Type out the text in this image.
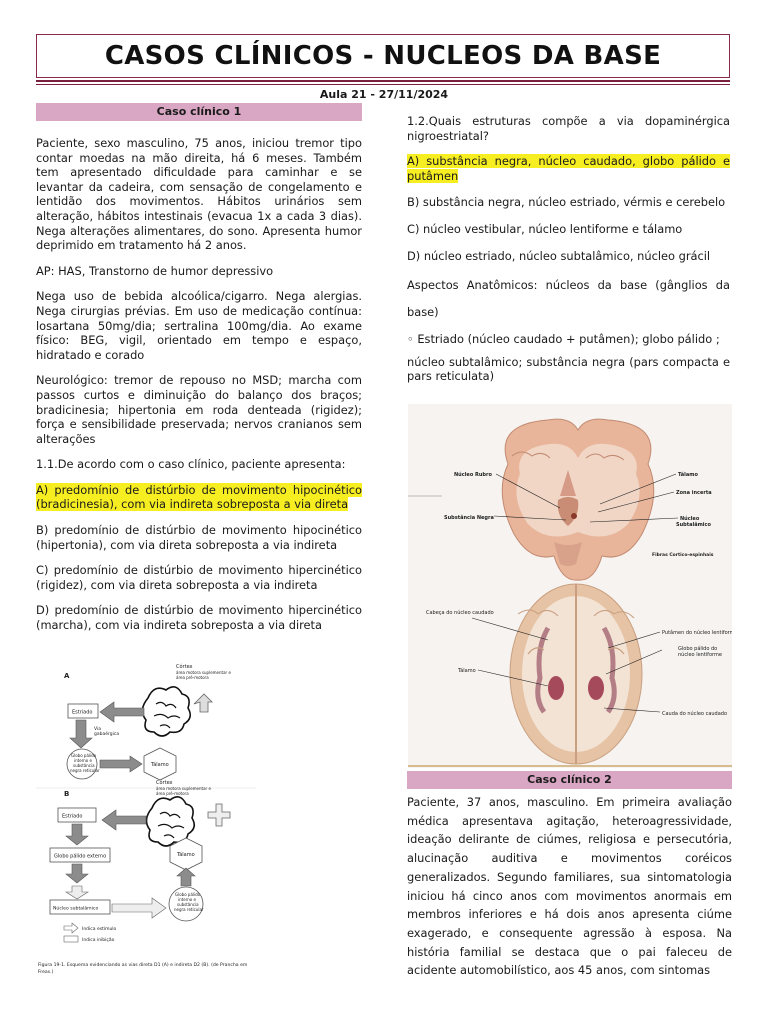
CASOS CLÍNICOS - NUCLEOS DA BASE
Aula 21 - 27/11/2024
Caso clínico 1

Paciente, sexo masculino, 75 anos, iniciou tremor tipo contar moedas na mão direita, há 6 meses. Também tem apresentado dificuldade para caminhar e se levantar da cadeira, com sensação de congelamento e lentidão dos movimentos. Hábitos urinários sem alteração, hábitos intestinais (evacua 1x a cada 3 dias). Nega alterações alimentares, do sono. Apresenta humor deprimido em tratamento há 2 anos.

AP: HAS, Transtorno de humor depressivo

Nega uso de bebida alcoólica/cigarro. Nega alergias. Nega cirurgias prévias. Em uso de medicação contínua: losartana 50mg/dia; sertralina 100mg/dia. Ao exame físico: BEG, vigil, orientado em tempo e espaço, hidratado e corado

Neurológico: tremor de repouso no MSD; marcha com passos curtos e diminuição do balanço dos braços; bradicinesia; hipertonia em roda denteada (rigidez); força e sensibilidade preservada; nervos cranianos sem alterações

1.1.De acordo com o caso clínico, paciente apresenta:

A) predomínio de distúrbio de movimento hipocinético (bradicinesia), com via indireta sobreposta a via direta

B) predomínio de distúrbio de movimento hipocinético (hipertonia), com via direta sobreposta a via indireta

C) predomínio de distúrbio de movimento hipercinético (rigidez), com via direta sobreposta a via indireta

D) predomínio de distúrbio de movimento hipercinético (marcha), com via indireta sobreposta a via direta

A
Córtex
área motora suplementar e
área pré-motora
Estriado
Via
gabaérgica
Globo pálido
interno e
substância
negra reticular
Tálamo
B
Córtex
área motora suplementar e
área pré-motora
Estriado
Globo pálido externo	Tálamo
Núcleo subtalâmico
Globo pálido
interno e
substância
negra reticular
Indica estímulo
Indica inibição
Figura 19-1. Esquema evidenciando as vias direta D1 (A) e indireta D2 (B). (de Prancha em
Freas.)

1.2.Quais estruturas compõe a via dopaminérgica nigroestriatal?

A) substância negra, núcleo caudado, globo pálido e putâmen

B) substância negra, núcleo estriado, vérmis e cerebelo

C) núcleo vestibular, núcleo lentiforme e tálamo

D) núcleo estriado, núcleo subtalâmico, núcleo grácil

Aspectos Anatômicos: núcleos da base (gânglios da base)

◦ Estriado (núcleo caudado + putâmen); globo pálido ;

núcleo subtalâmico; substância negra (pars compacta e pars reticulata)

Núcleo Rubro
Substância Negra
Tálamo
Zona incerta
Núcleo
Subtalâmico
Fibras Cortico-espinhais
Cabeça do núcleo caudado
Putâmen do núcleo lentiforme
Globo pálido do
núcleo lentiforme
Tálamo
Cauda do núcleo caudado
Caso clínico 2

Paciente, 37 anos, masculino. Em primeira avaliação médica apresentava agitação, heteroagressividade, ideação delirante de ciúmes, religiosa e persecutória, alucinação auditiva e movimentos coréicos generalizados. Segundo familiares, sua sintomatologia iniciou há cinco anos com movimentos anormais em membros inferiores e há dois anos apresenta ciúme exagerado, e consequente agressão à esposa. Na história familial se destaca que o pai faleceu de acidente automobilístico, aos 45 anos, com sintomas
